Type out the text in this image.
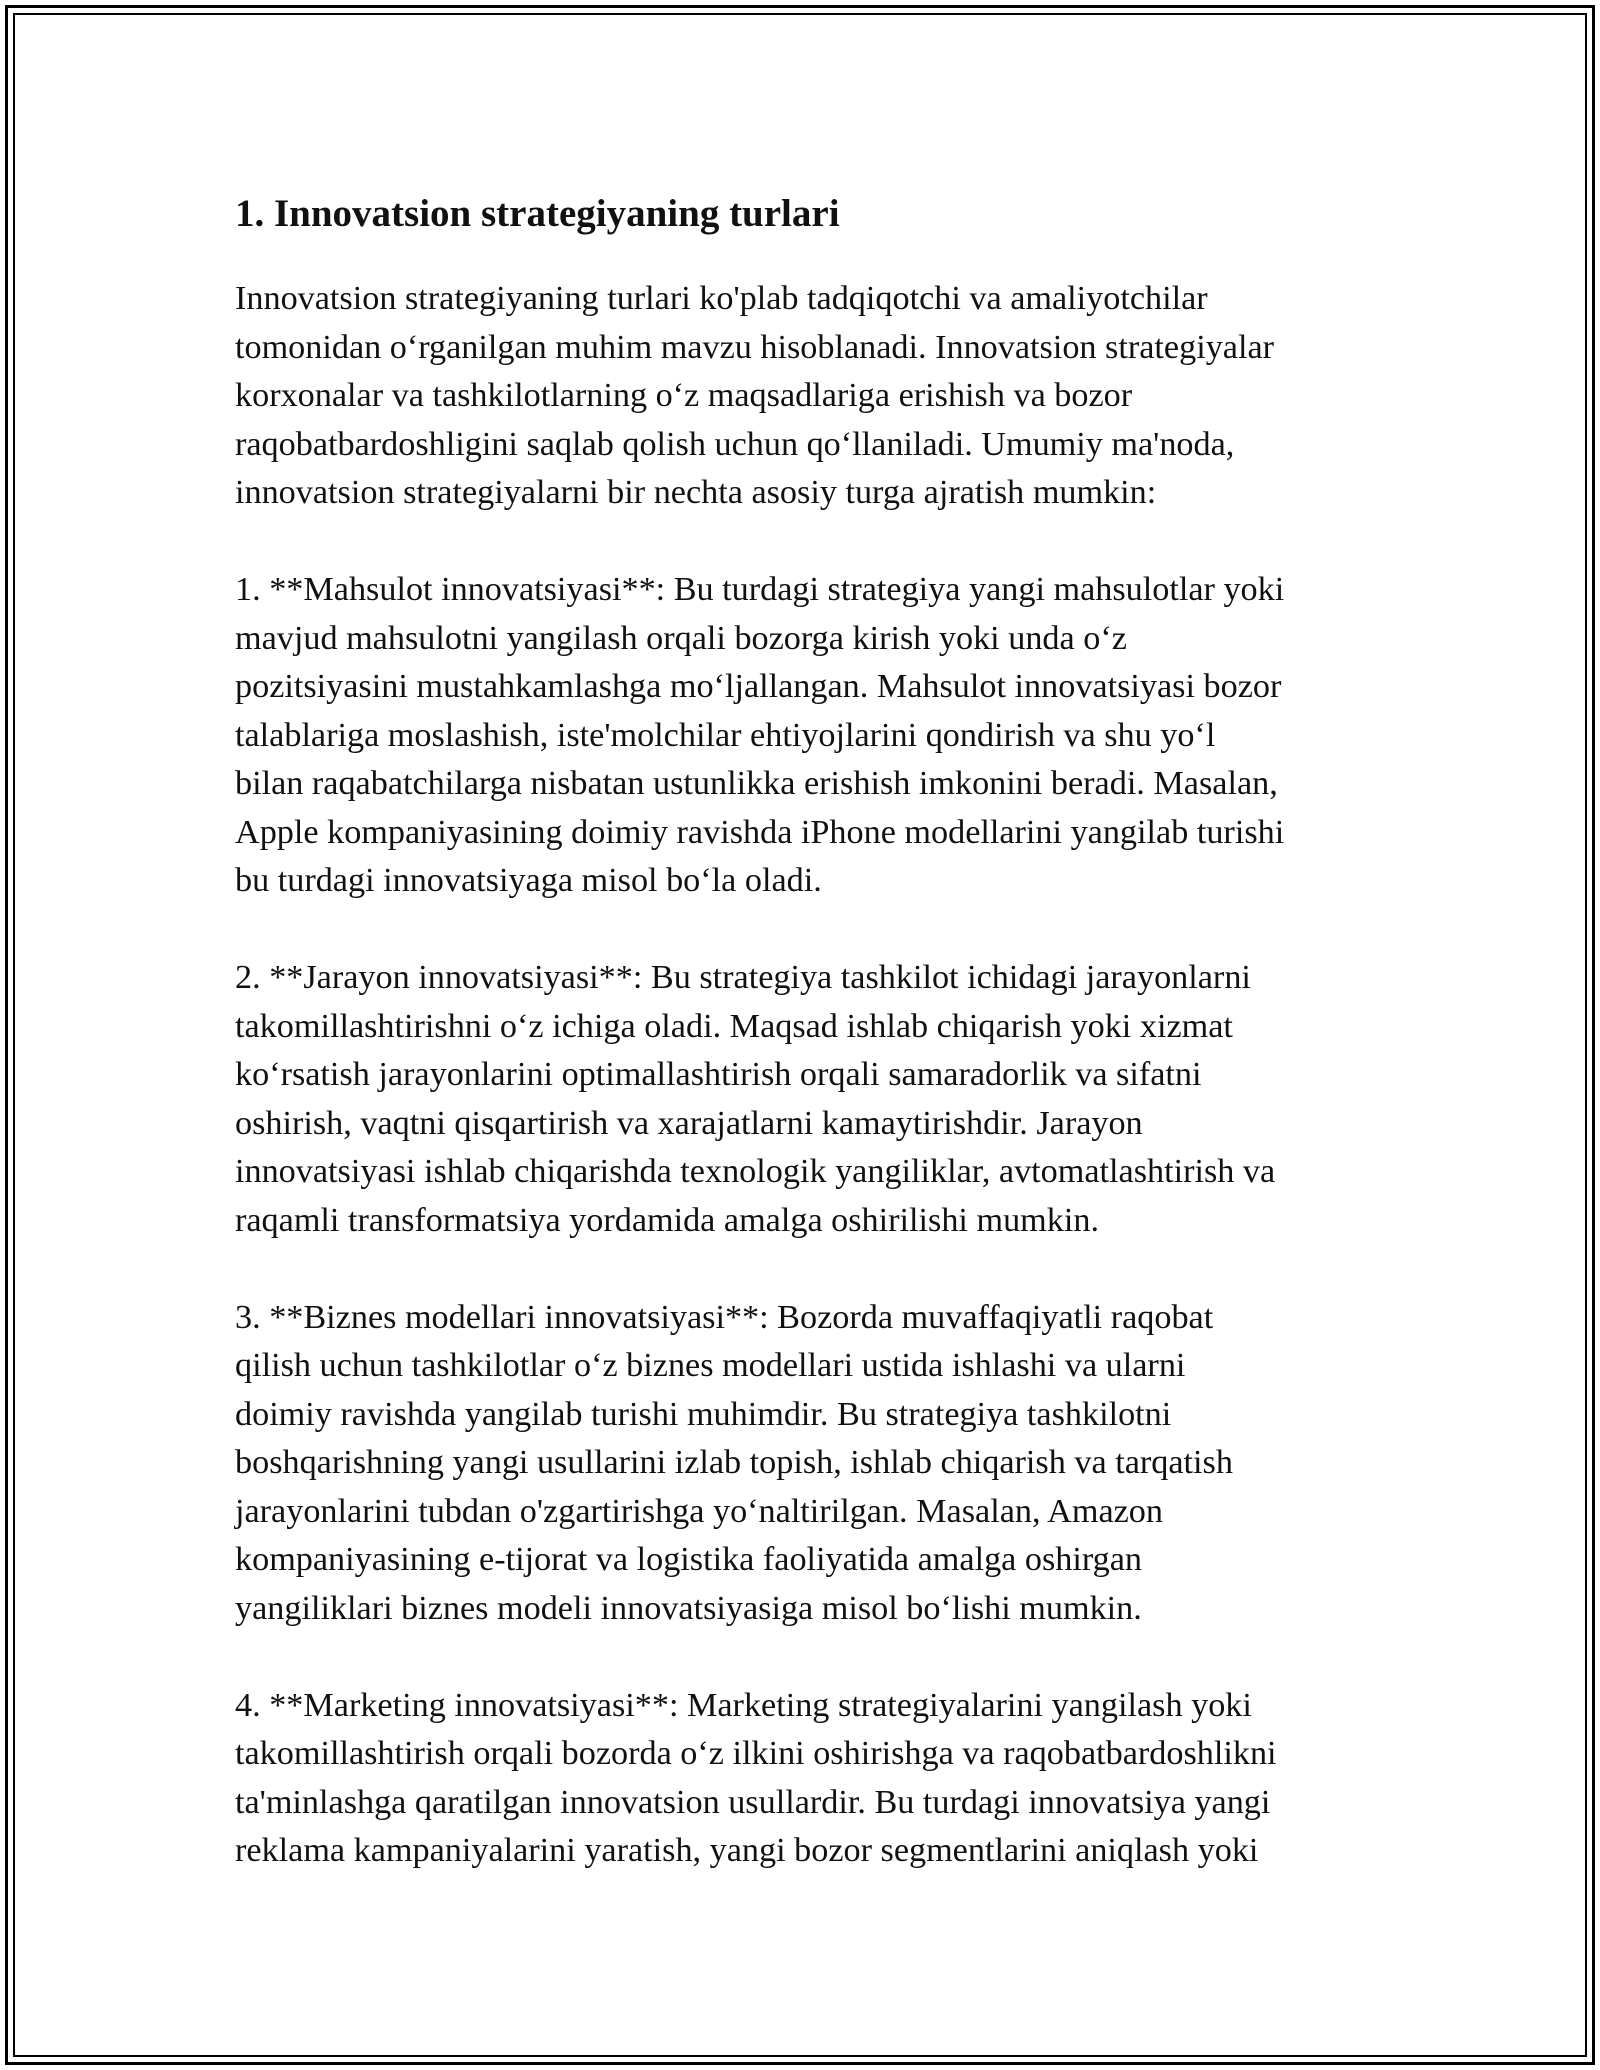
1. Innovatsion strategiyaning turlari

Innovatsion strategiyaning turlari ko'plab tadqiqotchi va amaliyotchilar
tomonidan o‘rganilgan muhim mavzu hisoblanadi. Innovatsion strategiyalar
korxonalar va tashkilotlarning o‘z maqsadlariga erishish va bozor
raqobatbardoshligini saqlab qolish uchun qo‘llaniladi. Umumiy ma'noda,
innovatsion strategiyalarni bir nechta asosiy turga ajratish mumkin:

1. **Mahsulot innovatsiyasi**: Bu turdagi strategiya yangi mahsulotlar yoki
mavjud mahsulotni yangilash orqali bozorga kirish yoki unda o‘z
pozitsiyasini mustahkamlashga mo‘ljallangan. Mahsulot innovatsiyasi bozor
talablariga moslashish, iste'molchilar ehtiyojlarini qondirish va shu yo‘l
bilan raqabatchilarga nisbatan ustunlikka erishish imkonini beradi. Masalan,
Apple kompaniyasining doimiy ravishda iPhone modellarini yangilab turishi
bu turdagi innovatsiyaga misol bo‘la oladi.

2. **Jarayon innovatsiyasi**: Bu strategiya tashkilot ichidagi jarayonlarni
takomillashtirishni o‘z ichiga oladi. Maqsad ishlab chiqarish yoki xizmat
ko‘rsatish jarayonlarini optimallashtirish orqali samaradorlik va sifatni
oshirish, vaqtni qisqartirish va xarajatlarni kamaytirishdir. Jarayon
innovatsiyasi ishlab chiqarishda texnologik yangiliklar, avtomatlashtirish va
raqamli transformatsiya yordamida amalga oshirilishi mumkin.

3. **Biznes modellari innovatsiyasi**: Bozorda muvaffaqiyatli raqobat
qilish uchun tashkilotlar o‘z biznes modellari ustida ishlashi va ularni
doimiy ravishda yangilab turishi muhimdir. Bu strategiya tashkilotni
boshqarishning yangi usullarini izlab topish, ishlab chiqarish va tarqatish
jarayonlarini tubdan o'zgartirishga yo‘naltirilgan. Masalan, Amazon
kompaniyasining e-tijorat va logistika faoliyatida amalga oshirgan
yangiliklari biznes modeli innovatsiyasiga misol bo‘lishi mumkin.

4. **Marketing innovatsiyasi**: Marketing strategiyalarini yangilash yoki
takomillashtirish orqali bozorda o‘z ilkini oshirishga va raqobatbardoshlikni
ta'minlashga qaratilgan innovatsion usullardir. Bu turdagi innovatsiya yangi
reklama kampaniyalarini yaratish, yangi bozor segmentlarini aniqlash yoki
